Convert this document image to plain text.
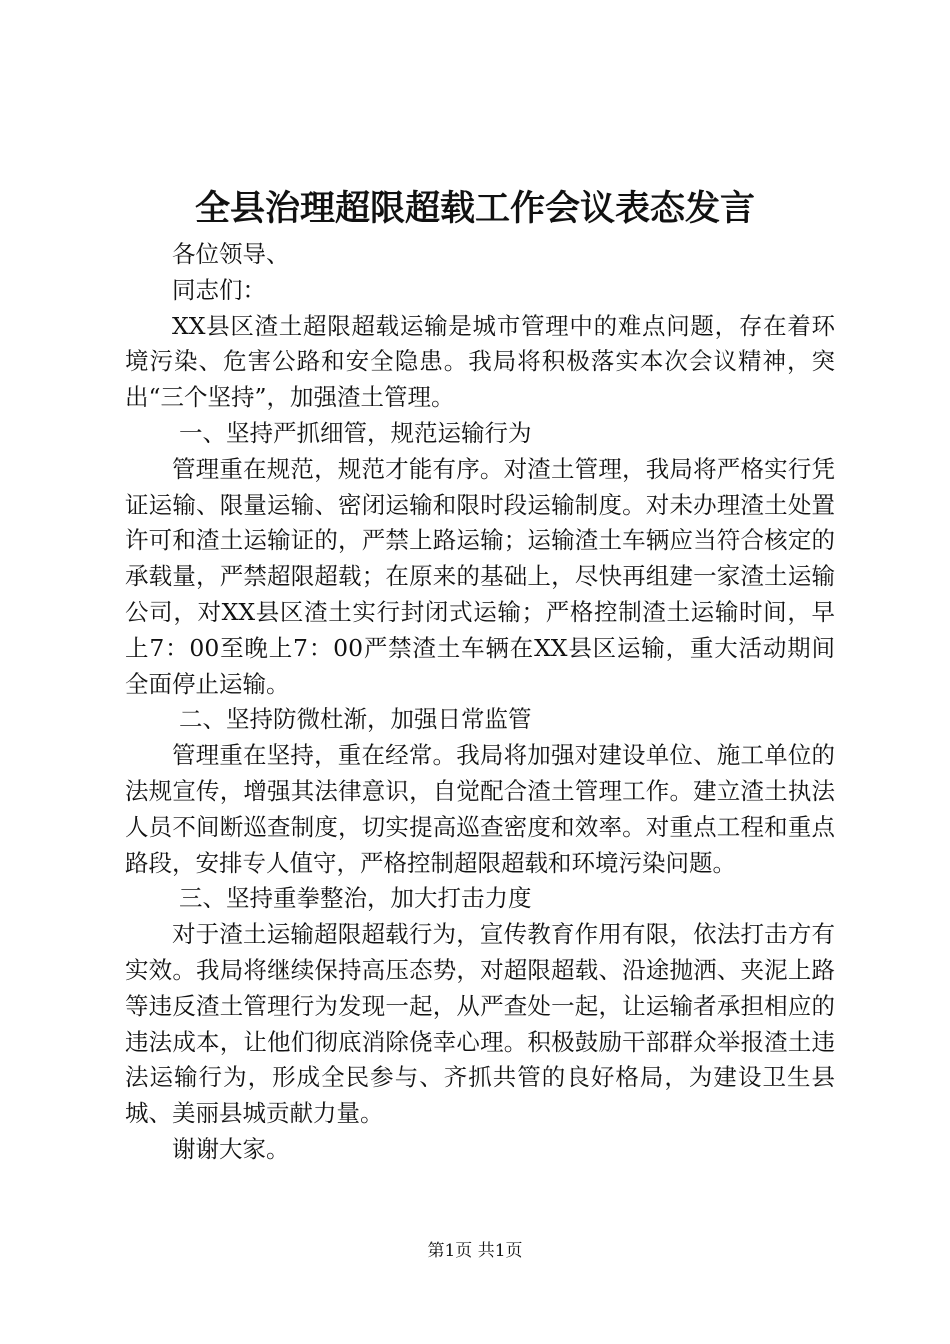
全县治理超限超载工作会议表态发言

各位领导、

同志们：

XX县区渣土超限超载运输是城市管理中的难点问题，存在着环境污染、危害公路和安全隐患。我局将积极落实本次会议精神，突出“三个坚持”，加强渣土管理。

一、坚持严抓细管，规范运输行为

管理重在规范，规范才能有序。对渣土管理，我局将严格实行凭证运输、限量运输、密闭运输和限时段运输制度。对未办理渣土处置许可和渣土运输证的，严禁上路运输；运输渣土车辆应当符合核定的承载量，严禁超限超载；在原来的基础上，尽快再组建一家渣土运输公司，对XX县区渣土实行封闭式运输；严格控制渣土运输时间，早上7：00至晚上7：00严禁渣土车辆在XX县区运输，重大活动期间全面停止运输。

二、坚持防微杜渐，加强日常监管

管理重在坚持，重在经常。我局将加强对建设单位、施工单位的法规宣传，增强其法律意识，自觉配合渣土管理工作。建立渣土执法人员不间断巡查制度，切实提高巡查密度和效率。对重点工程和重点路段，安排专人值守，严格控制超限超载和环境污染问题。

三、坚持重拳整治，加大打击力度

对于渣土运输超限超载行为，宣传教育作用有限，依法打击方有实效。我局将继续保持高压态势，对超限超载、沿途抛洒、夹泥上路等违反渣土管理行为发现一起，从严查处一起，让运输者承担相应的违法成本，让他们彻底消除侥幸心理。积极鼓励干部群众举报渣土违法运输行为，形成全民参与、齐抓共管的良好格局，为建设卫生县城、美丽县城贡献力量。

谢谢大家。

第1页 共1页
